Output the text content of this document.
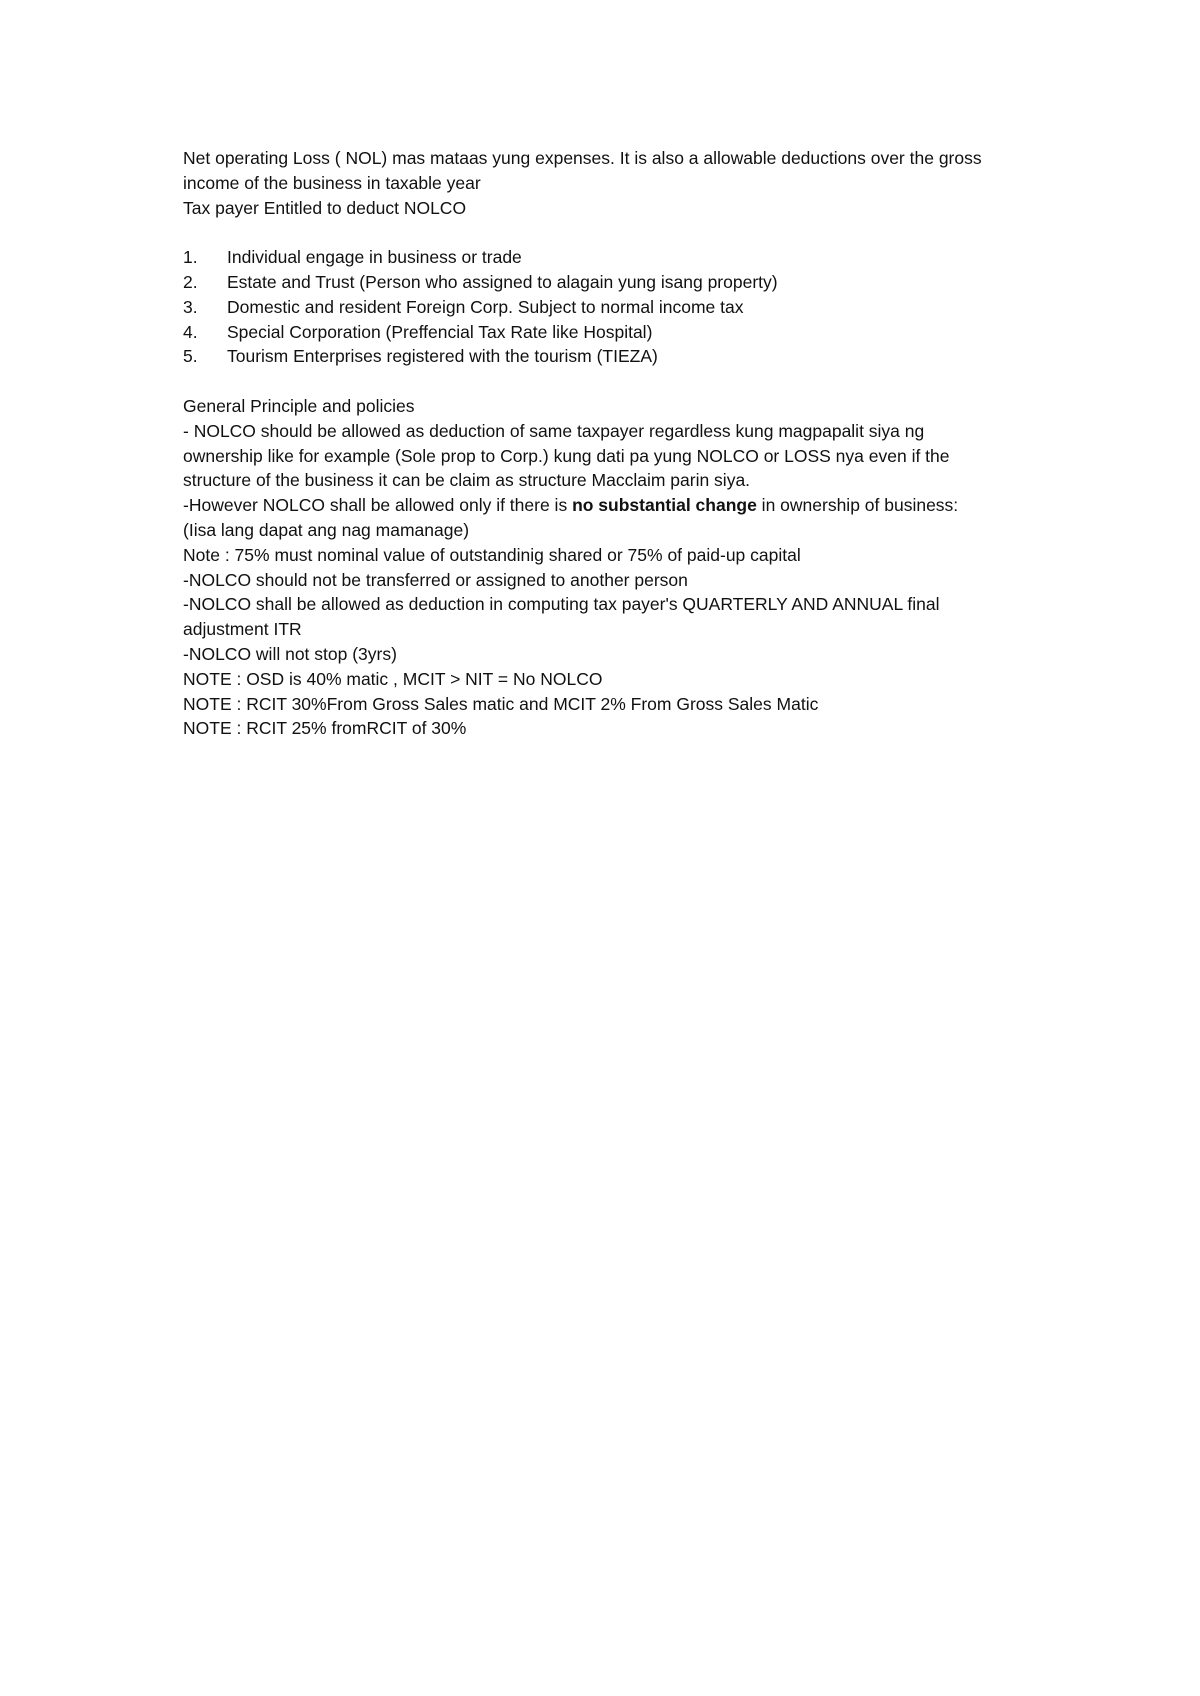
Net operating Loss ( NOL) mas mataas yung expenses. It is also a allowable deductions over the gross
income of the business in taxable year
Tax payer Entitled to deduct NOLCO
1.	Individual engage in business or trade
2.	Estate and Trust (Person who assigned to alagain yung isang property)
3.	Domestic and resident Foreign Corp. Subject to normal income tax
4.	Special Corporation (Preffencial Tax Rate like Hospital)
5.	Tourism Enterprises registered with the tourism (TIEZA)
General Principle and policies
- NOLCO should be allowed as deduction of same taxpayer regardless kung magpapalit siya ng
ownership like for example (Sole prop to Corp.) kung dati pa yung NOLCO or LOSS nya even if the
structure of the business it can be claim as structure Macclaim parin siya.
-However NOLCO shall be allowed only if there is no substantial change in ownership of business:
(Iisa lang dapat ang nag mamanage)
Note : 75% must nominal value of outstandinig shared or 75% of paid-up capital
-NOLCO should not be transferred or assigned to another person
-NOLCO shall be allowed as deduction in computing tax payer's QUARTERLY AND ANNUAL final
adjustment ITR
-NOLCO will not stop (3yrs)
NOTE : OSD is 40% matic , MCIT > NIT = No NOLCO
NOTE : RCIT 30%From Gross Sales matic and MCIT 2% From Gross Sales Matic
NOTE : RCIT 25% fromRCIT of 30%
